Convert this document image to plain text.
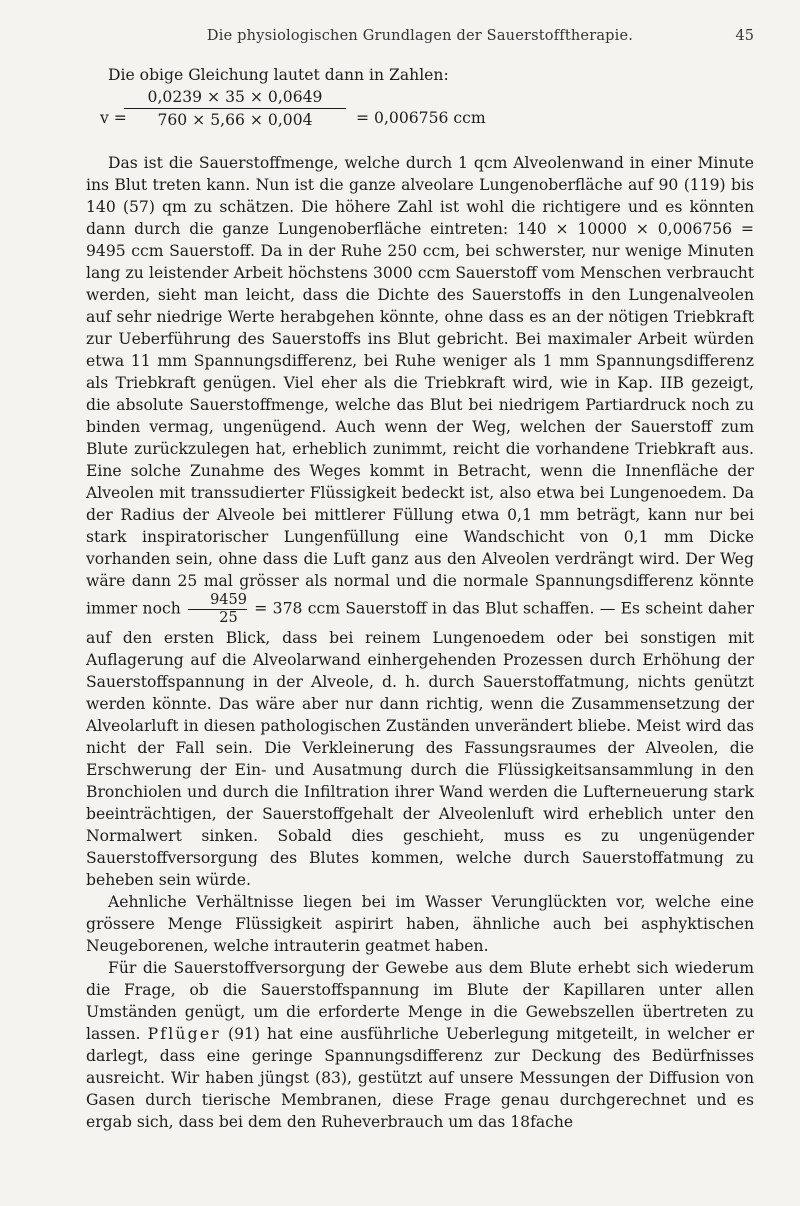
Die physiologischen Grundlagen der Sauerstofftherapie.	45

Die obige Gleichung lautet dann in Zahlen:

v =
0,0239 × 35 × 0,0649
760 × 5,66 × 0,004	= 0,006756 ccm

Das ist die Sauerstoffmenge, welche durch 1 qcm Alveolenwand in einer Minute ins Blut treten kann. Nun ist die ganze alveolare Lungenoberfläche auf 90 (119) bis 140 (57) qm zu schätzen. Die höhere Zahl ist wohl die richtigere und es könnten dann durch die ganze Lungenoberfläche eintreten: 140 × 10000 × 0,006756 = 9495 ccm Sauerstoff. Da in der Ruhe 250 ccm, bei schwerster, nur wenige Minuten lang zu leistender Arbeit höchstens 3000 ccm Sauerstoff vom Menschen verbraucht werden, sieht man leicht, dass die Dichte des Sauerstoffs in den Lungenalveolen auf sehr niedrige Werte herabgehen könnte, ohne dass es an der nötigen Triebkraft zur Ueberführung des Sauerstoffs ins Blut gebricht. Bei maximaler Arbeit würden etwa 11 mm Spannungsdifferenz, bei Ruhe weniger als 1 mm Spannungsdifferenz als Triebkraft genügen. Viel eher als die Triebkraft wird, wie in Kap. IIB gezeigt, die absolute Sauerstoffmenge, welche das Blut bei niedrigem Partiardruck noch zu binden vermag, ungenügend. Auch wenn der Weg, welchen der Sauerstoff zum Blute zurückzulegen hat, erheblich zunimmt, reicht die vorhandene Triebkraft aus. Eine solche Zunahme des Weges kommt in Betracht, wenn die Innenfläche der Alveolen mit transsudierter Flüssigkeit bedeckt ist, also etwa bei Lungenoedem. Da der Radius der Alveole bei mittlerer Füllung etwa 0,1 mm beträgt, kann nur bei stark inspiratorischer Lungenfüllung eine Wandschicht von 0,1 mm Dicke vorhanden sein, ohne dass die Luft ganz aus den Alveolen verdrängt wird. Der Weg wäre dann 25 mal grösser als normal und die normale Spannungsdifferenz könnte immer noch $\frac{9459}{25} = 378$ ccm Sauerstoff in das Blut schaffen. — Es scheint daher auf den ersten Blick, dass bei reinem Lungenoedem oder bei sonstigen mit Auflagerung auf die Alveolarwand einhergehenden Prozessen durch Erhöhung der Sauerstoffspannung in der Alveole, d. h. durch Sauerstoffatmung, nichts genützt werden könnte. Das wäre aber nur dann richtig, wenn die Zusammensetzung der Alveolarluft in diesen pathologischen Zuständen unverändert bliebe. Meist wird das nicht der Fall sein. Die Verkleinerung des Fassungsraumes der Alveolen, die Erschwerung der Ein- und Ausatmung durch die Flüssigkeitsansammlung in den Bronchiolen und durch die Infiltration ihrer Wand werden die Lufterneuerung stark beeinträchtigen, der Sauerstoffgehalt der Alveolenluft wird erheblich unter den Normalwert sinken. Sobald dies geschieht, muss es zu ungenügender Sauerstoffversorgung des Blutes kommen, welche durch Sauerstoffatmung zu beheben sein würde.

Aehnliche Verhältnisse liegen bei im Wasser Verunglückten vor, welche eine grössere Menge Flüssigkeit aspirirt haben, ähnliche auch bei asphyktischen Neugeborenen, welche intrauterin geatmet haben.

Für die Sauerstoffversorgung der Gewebe aus dem Blute erhebt sich wiederum die Frage, ob die Sauerstoffspannung im Blute der Kapillaren unter allen Umständen genügt, um die erforderte Menge in die Gewebszellen übertreten zu lassen. Pflüger (91) hat eine ausführliche Ueberlegung mitgeteilt, in welcher er darlegt, dass eine geringe Spannungsdifferenz zur Deckung des Bedürfnisses ausreicht. Wir haben jüngst (83), gestützt auf unsere Messungen der Diffusion von Gasen durch tierische Membranen, diese Frage genau durchgerechnet und es ergab sich, dass bei dem den Ruheverbrauch um das 18fache
